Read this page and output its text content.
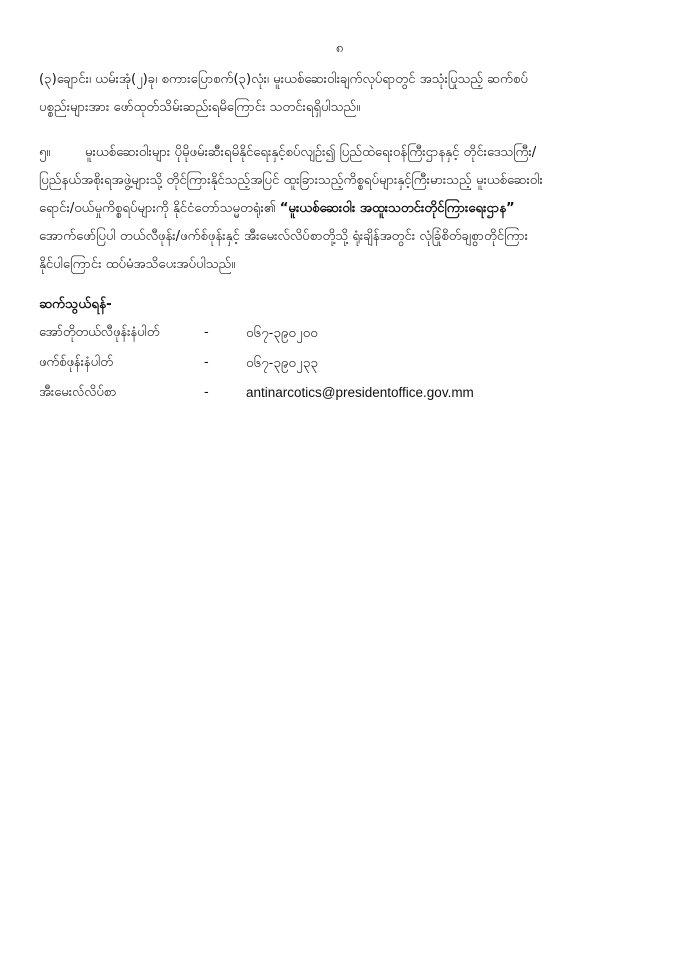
၈
(၃)ချောင်း၊ ယမ်းအုံ(၂)ခု၊ စကားပြောစက်(၃)လုံး၊ မူးယစ်ဆေးဝါးချက်လုပ်ရာတွင် အသုံးပြုသည့် ဆက်စပ်
ပစ္စည်းများအား ဖော်ထုတ်သိမ်းဆည်းရမိကြောင်း သတင်းရရှိပါသည်။
၅။	မူးယစ်ဆေးဝါးများ ပိုမိုဖမ်းဆီးရမိနိုင်ရေးနှင့်စပ်လျဉ်း၍ ပြည်ထဲရေးဝန်ကြီးဌာနနှင့် တိုင်းဒေသကြီး/
ပြည်နယ်အစိုးရအဖွဲ့များသို့ တိုင်ကြားနိုင်သည့်အပြင် ထူးခြားသည့်ကိစ္စရပ်များနှင့်ကြီးမားသည့် မူးယစ်ဆေးဝါး
ရောင်း/ဝယ်မှုကိစ္စရပ်များကို နိုင်ငံတော်သမ္မတရုံး၏ “မူးယစ်ဆေးဝါး အထူးသတင်းတိုင်ကြားရေးဌာန”
အောက်ဖော်ပြပါ တယ်လီဖုန်း/ဖက်စ်ဖုန်းနှင့် အီးမေးလ်လိပ်စာတို့သို့ ရုံးချိန်အတွင်း လုံခြုံစိတ်ချစွာတိုင်ကြား
နိုင်ပါကြောင်း ထပ်မံအသိပေးအပ်ပါသည်။
ဆက်သွယ်ရန်-
အော်တိုတယ်လီဖုန်းနံပါတ်	-	၀၆၇-၃၉၀၂၀၀
ဖက်စ်ဖုန်းနံပါတ်	-	၀၆၇-၃၉၀၂၃၃
အီးမေးလ်လိပ်စာ	-	antinarcotics@presidentoffice.gov.mm
